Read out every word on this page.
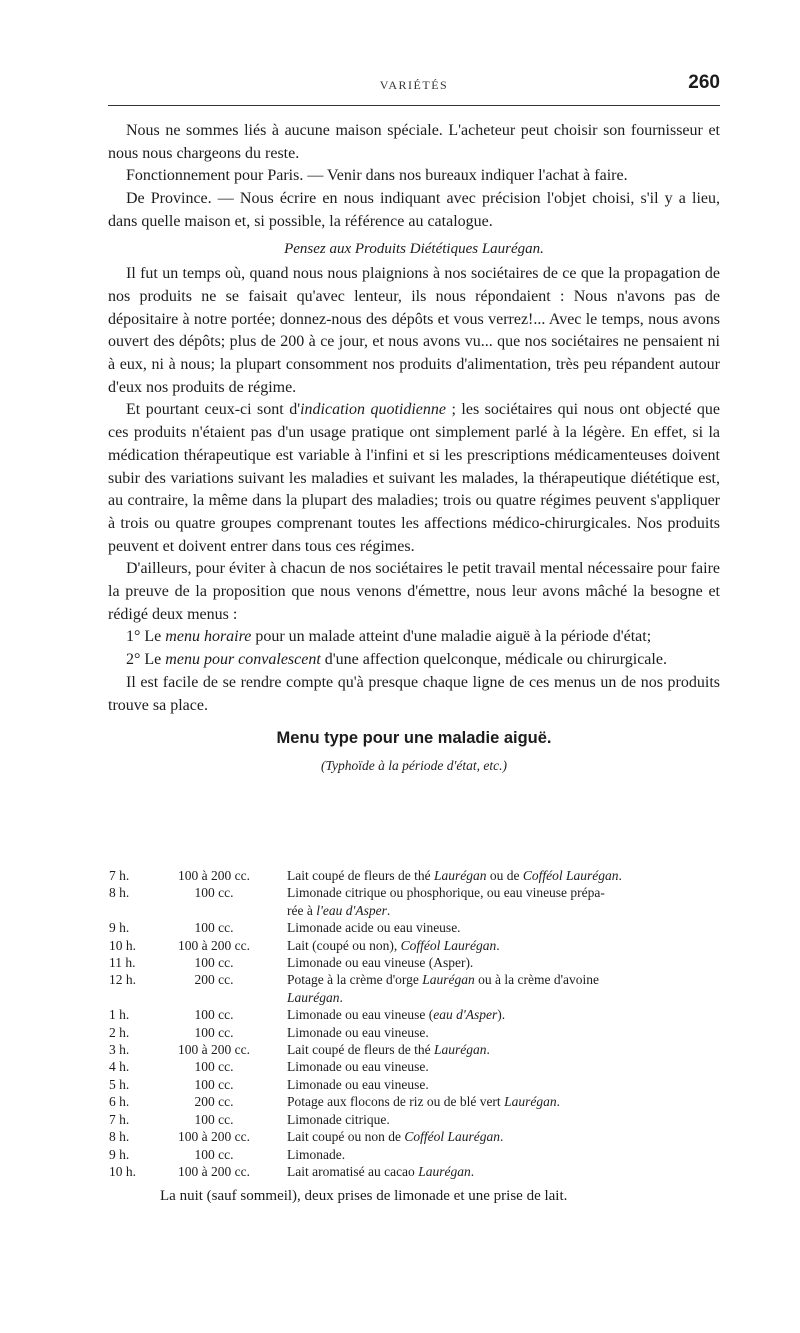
VARIÉTÉS	260

Nous ne sommes liés à aucune maison spéciale. L'acheteur peut choisir son fournisseur et nous nous chargeons du reste.

Fonctionnement pour Paris. — Venir dans nos bureaux indiquer l'achat à faire.

De Province. — Nous écrire en nous indiquant avec précision l'objet choisi, s'il y a lieu, dans quelle maison et, si possible, la référence au catalogue.

Pensez aux Produits Diététiques Laurégan.

Il fut un temps où, quand nous nous plaignions à nos sociétaires de ce que la propagation de nos produits ne se faisait qu'avec lenteur, ils nous répondaient : Nous n'avons pas de dépositaire à notre portée; donnez-nous des dépôts et vous verrez!... Avec le temps, nous avons ouvert des dépôts; plus de 200 à ce jour, et nous avons vu... que nos sociétaires ne pensaient ni à eux, ni à nous; la plupart consomment nos produits d'alimentation, très peu répandent autour d'eux nos produits de régime.

Et pourtant ceux-ci sont d'indication quotidienne ; les sociétaires qui nous ont objecté que ces produits n'étaient pas d'un usage pratique ont simplement parlé à la légère. En effet, si la médication thérapeutique est variable à l'infini et si les prescriptions médicamenteuses doivent subir des variations suivant les maladies et suivant les malades, la thérapeutique diététique est, au contraire, la même dans la plupart des maladies; trois ou quatre régimes peuvent s'appliquer à trois ou quatre groupes comprenant toutes les affections médico-chirurgicales. Nos produits peuvent et doivent entrer dans tous ces régimes.

D'ailleurs, pour éviter à chacun de nos sociétaires le petit travail mental nécessaire pour faire la preuve de la proposition que nous venons d'émettre, nous leur avons mâché la besogne et rédigé deux menus :

1° Le menu horaire pour un malade atteint d'une maladie aiguë à la période d'état;

2° Le menu pour convalescent d'une affection quelconque, médicale ou chirurgicale.

Il est facile de se rendre compte qu'à presque chaque ligne de ces menus un de nos produits trouve sa place.

Menu type pour une maladie aiguë.
(Typhoïde à la période d'état, etc.)
7 h.	100 à 200 cc.	Lait coupé de fleurs de thé Laurégan ou de Cofféol Laurégan.
8 h.	100 cc.	Limonade citrique ou phosphorique, ou eau vineuse prépa-
		rée à l'eau d'Asper.
9 h.	100 cc.	Limonade acide ou eau vineuse.
10 h.	100 à 200 cc.	Lait (coupé ou non), Cofféol Laurégan.
11 h.	100 cc.	Limonade ou eau vineuse (Asper).
12 h.	200 cc.	Potage à la crème d'orge Laurégan ou à la crème d'avoine
		Laurégan.
1 h.	100 cc.	Limonade ou eau vineuse (eau d'Asper).
2 h.	100 cc.	Limonade ou eau vineuse.
3 h.	100 à 200 cc.	Lait coupé de fleurs de thé Laurégan.
4 h.	100 cc.	Limonade ou eau vineuse.
5 h.	100 cc.	Limonade ou eau vineuse.
6 h.	200 cc.	Potage aux flocons de riz ou de blé vert Laurégan.
7 h.	100 cc.	Limonade citrique.
8 h.	100 à 200 cc.	Lait coupé ou non de Cofféol Laurégan.
9 h.	100 cc.	Limonade.
10 h.	100 à 200 cc.	Lait aromatisé au cacao Laurégan.
La nuit (sauf sommeil), deux prises de limonade et une prise de lait.
